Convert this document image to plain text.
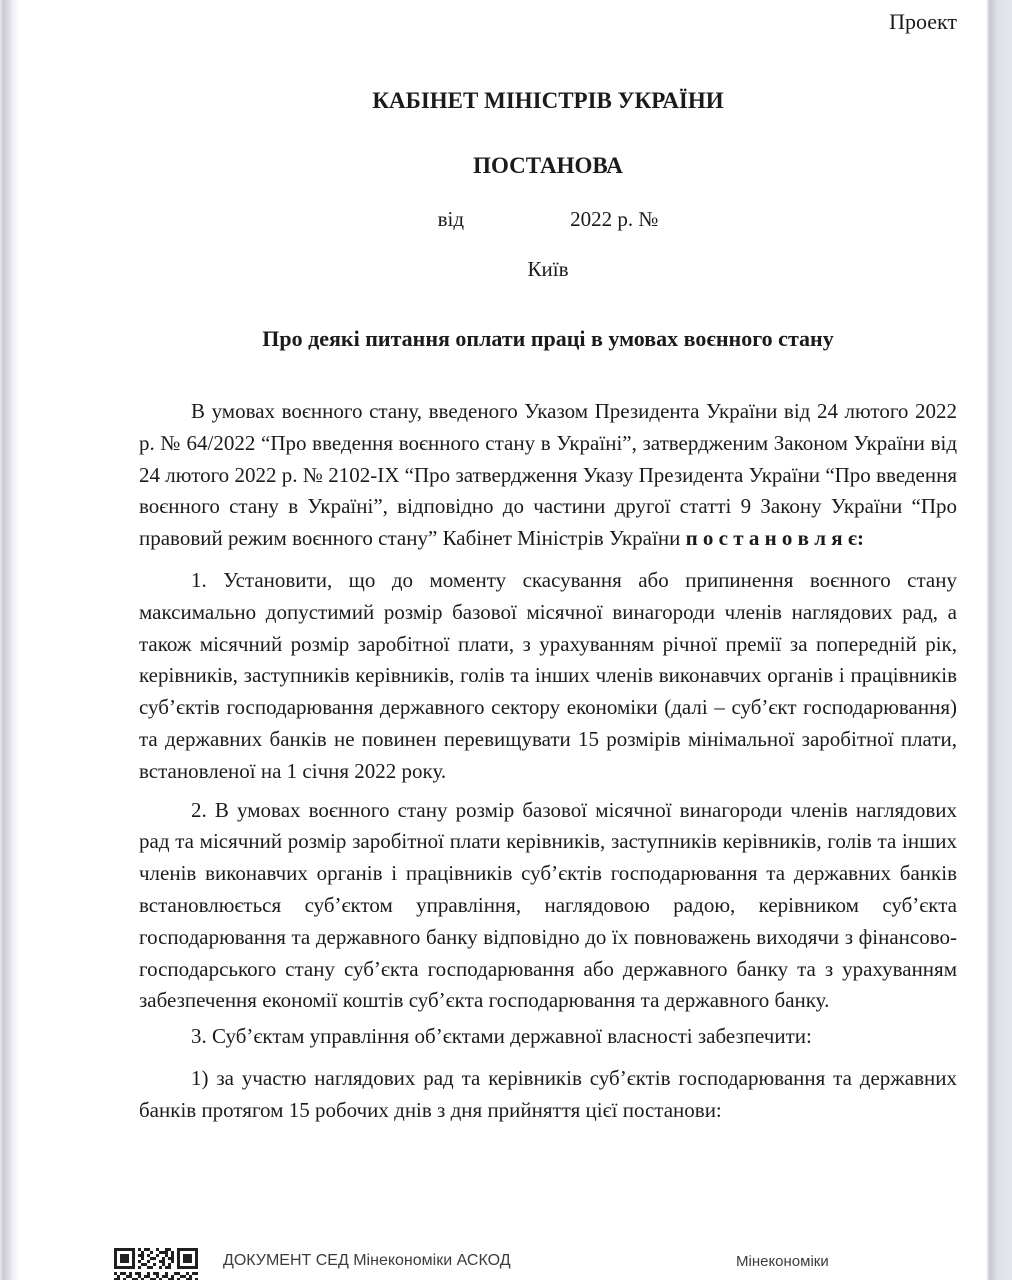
Проект
КАБІНЕТ МІНІСТРІВ УКРАЇНИ
ПОСТАНОВА
від	2022 р. №
Київ
Про деякі питання оплати праці в умовах воєнного стану

В умовах воєнного стану, введеного Указом Президента України від 24 лютого 2022 р. № 64/2022 “Про введення воєнного стану в Україні”, затвердженим Законом України від 24 лютого 2022 р. № 2102-IX “Про затвердження Указу Президента України “Про введення воєнного стану в Україні”, відповідно до частини другої статті 9 Закону України “Про правовий режим воєнного стану” Кабінет Міністрів України п о с т а н о в л я є:

1. Установити, що до моменту скасування або припинення воєнного стану максимально допустимий розмір базової місячної винагороди членів наглядових рад, а також місячний розмір заробітної плати, з урахуванням річної премії за попередній рік, керівників, заступників керівників, голів та інших членів виконавчих органів і працівників суб’єктів господарювання державного сектору економіки (далі – суб’єкт господарювання) та державних банків не повинен перевищувати 15 розмірів мінімальної заробітної плати, встановленої на 1 січня 2022 року.

2. В умовах воєнного стану розмір базової місячної винагороди членів наглядових рад та місячний розмір заробітної плати керівників, заступників керівників, голів та інших членів виконавчих органів і працівників суб’єктів господарювання та державних банків встановлюється суб’єктом управління, наглядовою радою, керівником суб’єкта господарювання та державного банку відповідно до їх повноважень виходячи з фінансово-господарського стану суб’єкта господарювання або державного банку та з урахуванням забезпечення економії коштів суб’єкта господарювання та державного банку.

3. Суб’єктам управління об’єктами державної власності забезпечити:

1) за участю наглядових рад та керівників суб’єктів господарювання та державних банків протягом 15 робочих днів з дня прийняття цієї постанови:

ДОКУМЕНТ СЕД Мінекономіки АСКОД	Мінекономіки
